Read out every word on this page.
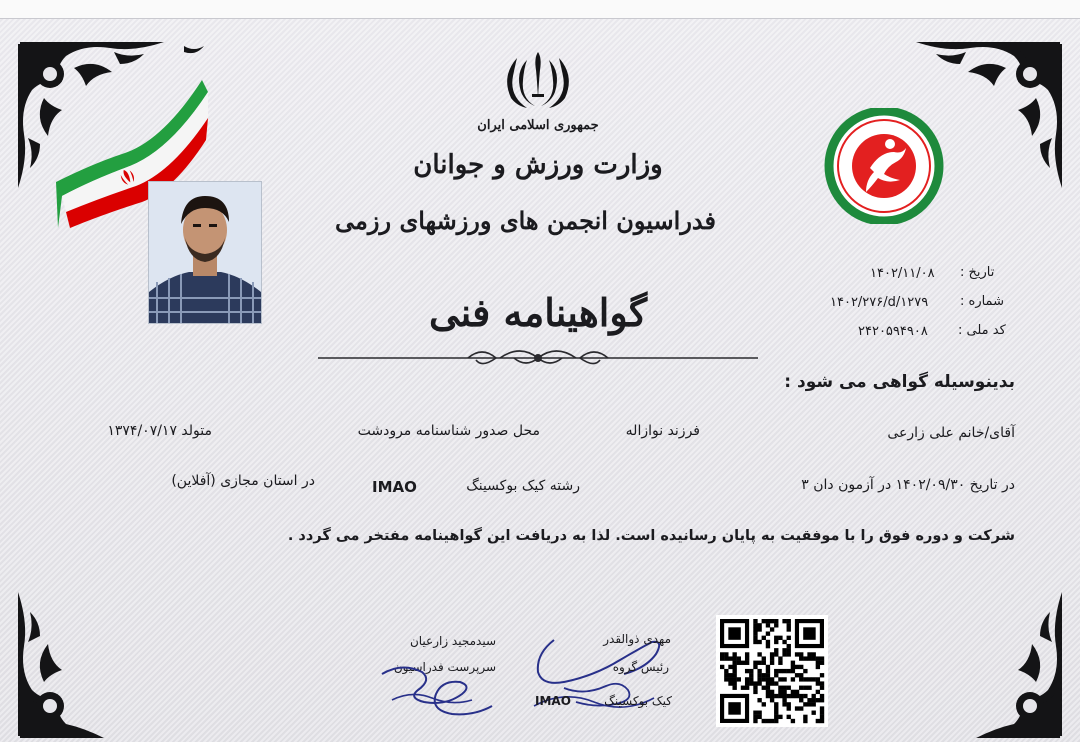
جمهوری اسلامی ایران
وزارت ورزش و جوانان
فدراسیون انجمن های ورزشهای رزمی
تاریخ :
۱۴۰۲/۱۱/۰۸
شماره :
۱۴۰۲/۲۷۶/d/۱۲۷۹
کد ملی :
۲۴۲۰۵۹۴۹۰۸
گواهینامه فنی
بدینوسیله گواهی می شود :
آقای/خانم علی زارعی
فرزند نوازاله
محل صدور شناسنامه مرودشت
متولد ۱۳۷۴/۰۷/۱۷
در تاریخ ۱۴۰۲/۰۹/۳۰ در آزمون دان ۳
IMAO	رشته کیک بوکسینگ
در استان مجازی (آفلاین)
شرکت و دوره فوق را با موفقیت به پایان رسانیده است. لذا به دریافت این گواهینامه مفتخر می گردد .
سیدمجید زارعیان
سرپرست فدراسیون
مهدی ذوالقدر
رئیس گروه
IMAO	کیک بوکسینگ
